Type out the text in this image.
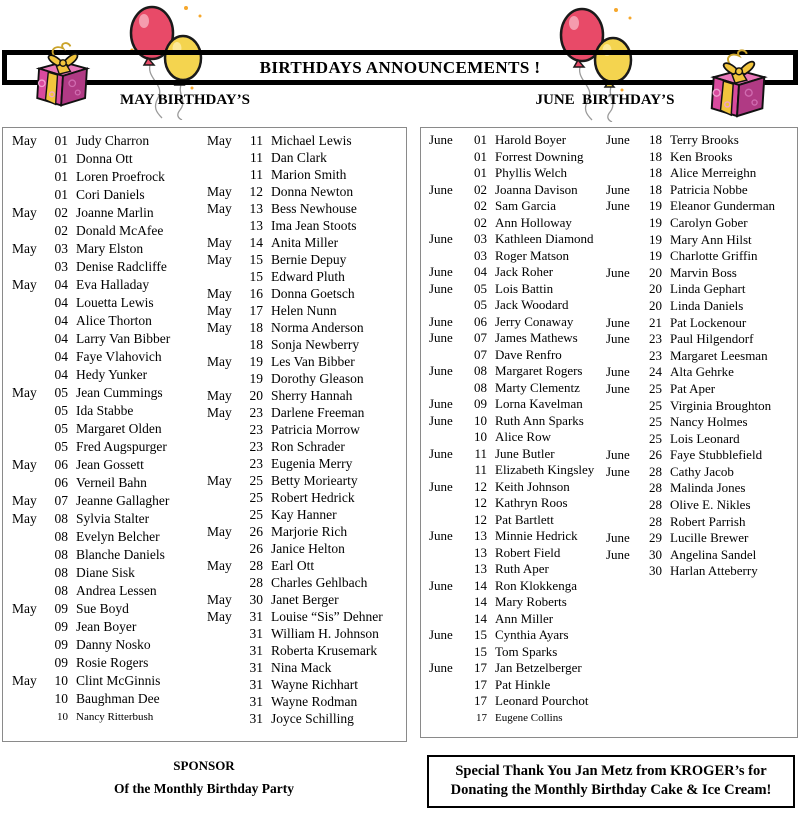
BIRTHDAYS ANNOUNCEMENTS !
MAY BIRTHDAY’S	JUNE  BIRTHDAY’S
May	01 Judy Charron
01 Donna Ott
01 Loren Proefrock
01 Cori Daniels
May	02 Joanne Marlin
02 Donald McAfee
May	03 Mary Elston
03 Denise Radcliffe
May	04 Eva Halladay
04 Louetta Lewis
04 Alice Thorton
04 Larry Van Bibber
04 Faye Vlahovich
04 Hedy Yunker
May	05 Jean Cummings
05 Ida Stabbe
05 Margaret Olden
05 Fred Augspurger
May	06 Jean Gossett
06 Verneil Bahn
May	07 Jeanne Gallagher
May	08 Sylvia Stalter
08 Evelyn Belcher
08 Blanche Daniels
08 Diane Sisk
08 Andrea Lessen
May	09 Sue Boyd
09 Jean Boyer
09 Danny Nosko
09 Rosie Rogers
May	10 Clint McGinnis
10 Baughman Dee
10 Nancy Ritterbush
May	11 Michael Lewis
11 Dan Clark
11 Marion Smith
May	12 Donna Newton
May	13 Bess Newhouse
13 Ima Jean Stoots
May	14 Anita Miller
May	15 Bernie Depuy
15 Edward Pluth
May	16 Donna Goetsch
May	17 Helen Nunn
May	18 Norma Anderson
18 Sonja Newberry
May	19 Les Van Bibber
19 Dorothy Gleason
May	20 Sherry Hannah
May	23 Darlene Freeman
23 Patricia Morrow
23 Ron Schrader
23 Eugenia Merry
May	25 Betty Moriearty
25 Robert Hedrick
25 Kay Hanner
May	26 Marjorie Rich
26 Janice Helton
May	28 Earl Ott
28 Charles Gehlbach
May	30 Janet Berger
May	31 Louise “Sis” Dehner
31 William H. Johnson
31 Roberta Krusemark
31 Nina Mack
31 Wayne Richhart
31 Wayne Rodman
31 Joyce Schilling
June	01 Harold Boyer
01 Forrest Downing
01 Phyllis Welch
June	02 Joanna Davison
02 Sam Garcia
02 Ann Holloway
June	03 Kathleen Diamond
03 Roger Matson
June	04 Jack Roher
June	05 Lois Battin
05 Jack Woodard
June	06 Jerry Conaway
June	07 James Mathews
07 Dave Renfro
June	08 Margaret Rogers
08 Marty Clementz
June	09 Lorna Kavelman
June	10 Ruth Ann Sparks
10 Alice Row
June	11 June Butler
11 Elizabeth Kingsley
June	12 Keith Johnson
12 Kathryn Roos
12 Pat Bartlett
June	13 Minnie Hedrick
13 Robert Field
13 Ruth Aper
June	14 Ron Klokkenga
14 Mary Roberts
14 Ann Miller
June	15 Cynthia Ayars
15 Tom Sparks
June	17 Jan Betzelberger
17 Pat Hinkle
17 Leonard Pourchot
17 Eugene Collins
June	18 Terry Brooks
18 Ken Brooks
18 Alice Merreighn
June	18 Patricia Nobbe
June	19 Eleanor Gunderman
19 Carolyn Gober
19 Mary Ann Hilst
19 Charlotte Griffin
June	20 Marvin Boss
20 Linda Gephart
20 Linda Daniels
June	21 Pat Lockenour
June	23 Paul Hilgendorf
23 Margaret Leesman
June	24 Alta Gehrke
June	25 Pat Aper
25 Virginia Broughton
25 Nancy Holmes
25 Lois Leonard
June	26 Faye Stubblefield
June	28 Cathy Jacob
28 Malinda Jones
28 Olive E. Nikles
28 Robert Parrish
June	29 Lucille Brewer
June	30 Angelina Sandel
30 Harlan Atteberry
SPONSOR
Of the Monthly Birthday Party
Special Thank You Jan Metz from KROGER’s for
Donating the Monthly Birthday Cake & Ice Cream!
